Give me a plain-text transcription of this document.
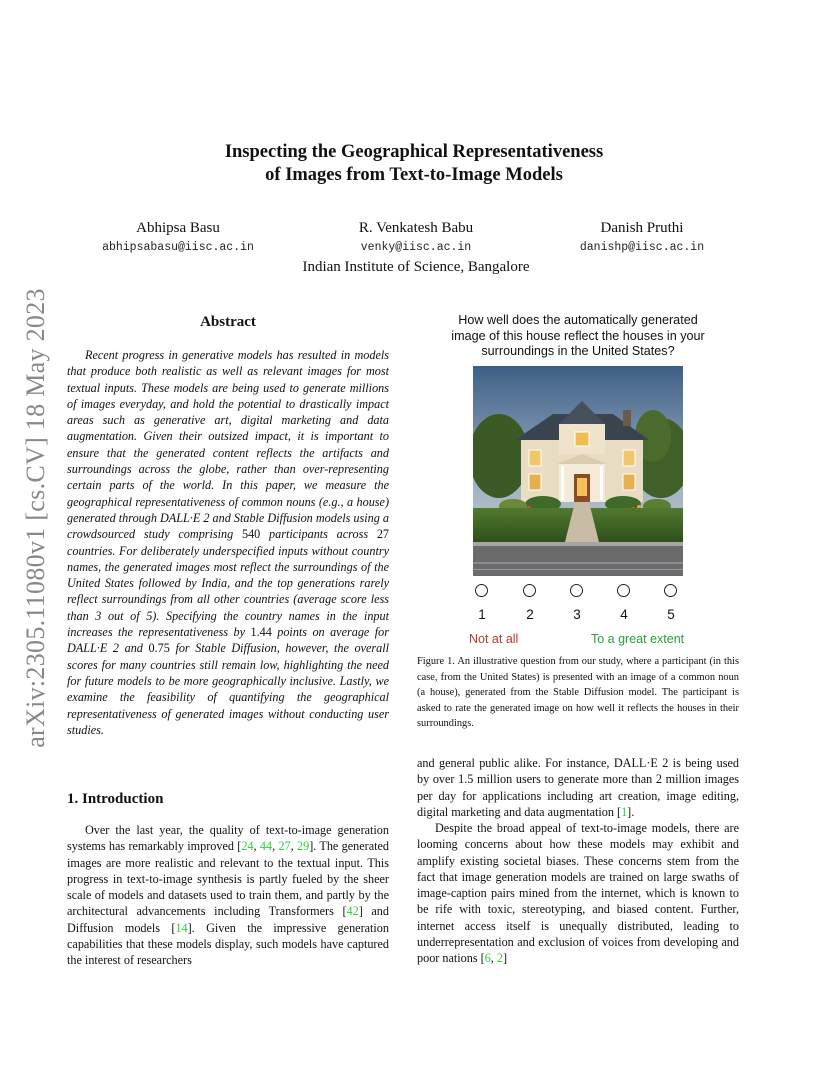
arXiv:2305.11080v1 [cs.CV] 18 May 2023
Inspecting the Geographical Representativeness
of Images from Text-to-Image Models
Abhipsa Basu
abhipsabasu@iisc.ac.in
R. Venkatesh Babu
venky@iisc.ac.in
Danish Pruthi
danishp@iisc.ac.in
Indian Institute of Science, Bangalore
Abstract

Recent progress in generative models has resulted in models that produce both realistic as well as relevant images for most textual inputs. These models are being used to generate millions of images everyday, and hold the potential to drastically impact areas such as generative art, digital marketing and data augmentation. Given their outsized impact, it is important to ensure that the generated content reflects the artifacts and surroundings across the globe, rather than over-representing certain parts of the world. In this paper, we measure the geographical representativeness of common nouns (e.g., a house) generated through DALL·E 2 and Stable Diffusion models using a crowdsourced study comprising 540 participants across 27 countries. For deliberately underspecified inputs without country names, the generated images most reflect the surroundings of the United States followed by India, and the top generations rarely reflect surroundings from all other countries (average score less than 3 out of 5). Specifying the country names in the input increases the representativeness by 1.44 points on average for DALL·E 2 and 0.75 for Stable Diffusion, however, the overall scores for many countries still remain low, highlighting the need for future models to be more geographically inclusive. Lastly, we examine the feasibility of quantifying the geographical representativeness of generated images without conducting user studies.

1. Introduction

Over the last year, the quality of text-to-image generation systems has remarkably improved [24, 44, 27, 29]. The generated images are more realistic and relevant to the textual input. This progress in text-to-image synthesis is partly fueled by the sheer scale of models and datasets used to train them, and partly by the architectural advancements including Transformers [42] and Diffusion models [14]. Given the impressive generation capabilities that these models display, such models have captured the interest of researchers

How well does the automatically generated image of this house reflect the houses in your surroundings in the United States?
1	2	3	4	5
Not at all	To a great extent

Figure 1. An illustrative question from our study, where a participant (in this case, from the United States) is presented with an image of a common noun (a house), generated from the Stable Diffusion model. The participant is asked to rate the generated image on how well it reflects the houses in their surroundings.

and general public alike. For instance, DALL·E 2 is being used by over 1.5 million users to generate more than 2 million images per day for applications including art creation, image editing, digital marketing and data augmentation [1].

Despite the broad appeal of text-to-image models, there are looming concerns about how these models may exhibit and amplify existing societal biases. These concerns stem from the fact that image generation models are trained on large swaths of image-caption pairs mined from the internet, which is known to be rife with toxic, stereotyping, and biased content. Further, internet access itself is unequally distributed, leading to underrepresentation and exclusion of voices from developing and poor nations [6, 2]
